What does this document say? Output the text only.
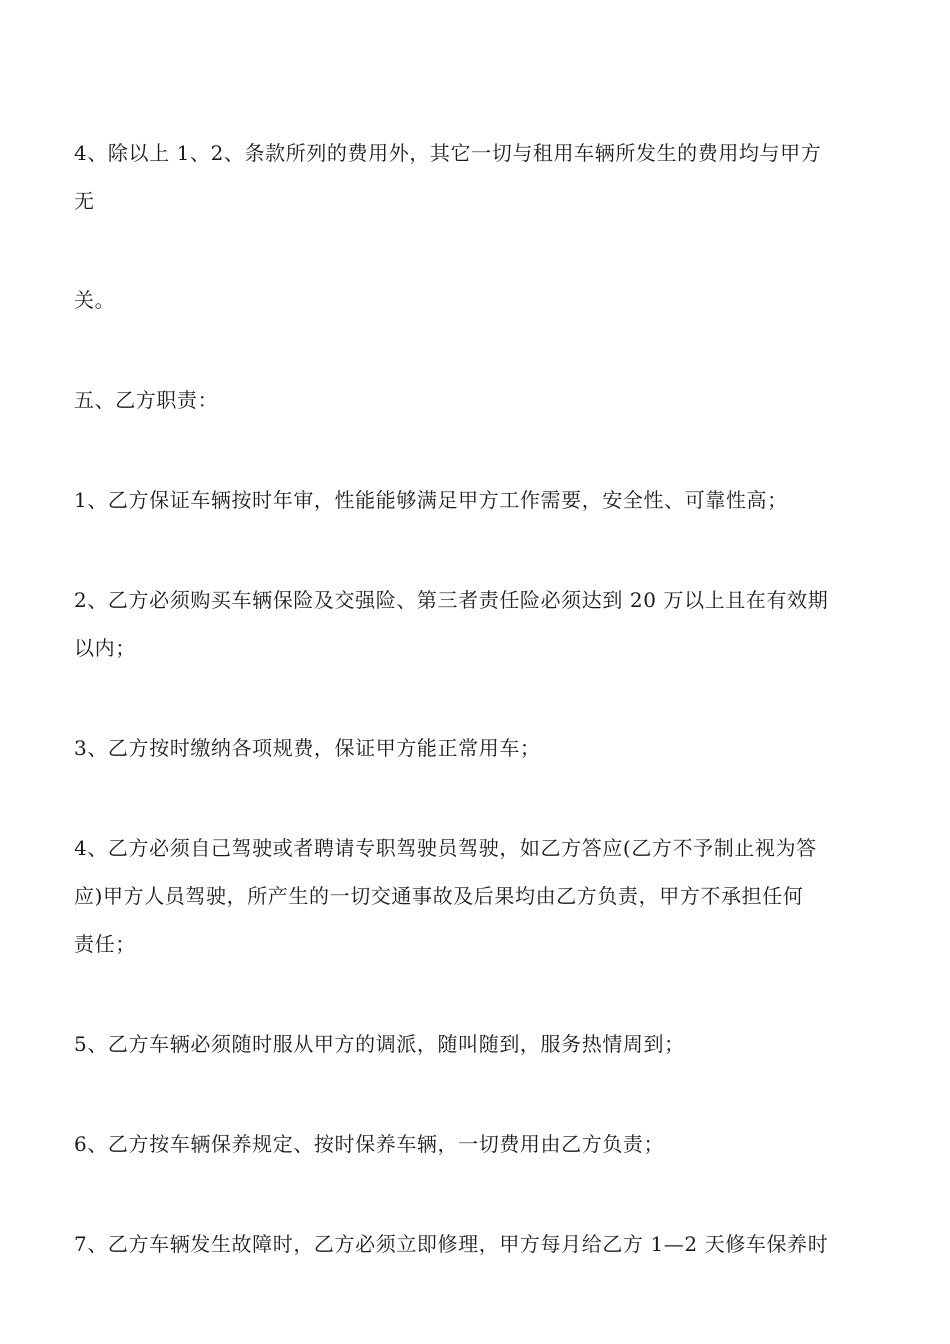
4、除以上 1、2、条款所列的费用外，其它一切与租用车辆所发生的费用均与甲方
无
关。
五、乙方职责：
1、乙方保证车辆按时年审，性能能够满足甲方工作需要，安全性、可靠性高；
2、乙方必须购买车辆保险及交强险、第三者责任险必须达到 20 万以上且在有效期
以内；
3、乙方按时缴纳各项规费，保证甲方能正常用车；
4、乙方必须自己驾驶或者聘请专职驾驶员驾驶，如乙方答应(乙方不予制止视为答
应)甲方人员驾驶，所产生的一切交通事故及后果均由乙方负责，甲方不承担任何
责任；
5、乙方车辆必须随时服从甲方的调派，随叫随到，服务热情周到；
6、乙方按车辆保养规定、按时保养车辆，一切费用由乙方负责；
7、乙方车辆发生故障时，乙方必须立即修理，甲方每月给乙方 1—2 天修车保养时
